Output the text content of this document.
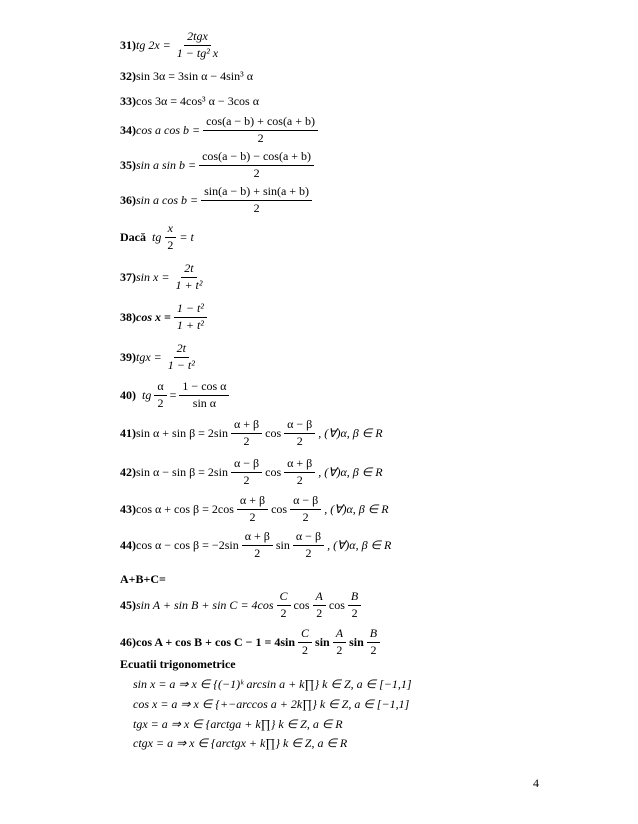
31) tg $2x = \frac{\text{2tgx}}{\text{1 − tg² x}}$
32) sin 3α = 3sin α − 4sin³ α
33) cos 3α = 4cos³ α − 3cos α
34) cos a $\cos b = \frac{\cos(a - b) + \cos(a + b)}{2}$
35) sin a $\sin b = \frac{\cos(a - b) - \cos(a + b)}{2}$
36) sin a $\cos b = \frac{\sin(a - b) + \sin(a + b)}{2}$
Dacă tg $\frac{x}{2} = t$
37) $\sin x = \frac{2t}{\text{1 + t²}}$
38) $\cos x = \frac{\text{1 − t²}}{\text{1 + t²}}$
39) tgx = $\frac{2t}{\text{1 − t²}}$
40) tg $\frac{\alpha}{2} = \frac{\text{1 − cos α}}{\text{sin α}}$
41) $\sin \alpha + \sin \beta = 2\sin \frac{\alpha + \beta}{2}$ $\cos \frac{\alpha - \beta}{2}$ , (∀)α, β ∈ R
42) $\sin \alpha - \sin \beta = 2\sin \frac{\alpha - \beta}{2}$ $\cos \frac{\alpha + \beta}{2}$ , (∀)α, β ∈ R
43) $\cos \alpha + \cos \beta = 2\cos \frac{\alpha + \beta}{2}$ $\cos \frac{\alpha - \beta}{2}$ , (∀)α, β ∈ R
44) $\cos \alpha - \cos \beta = -2\sin \frac{\alpha + \beta}{2}$ $\sin \frac{\alpha - \beta}{2}$ , (∀)α, β ∈ R
A+B+C=
45) $\sin A + \sin B + \sin C = 4\cos \frac{C}{2}$ $\cos \frac{A}{2}$ $\cos \frac{B}{2}$
46) $\cos A + \cos B + \cos C - 1 = 4\sin \frac{C}{2}$ $\sin \frac{A}{2}$ $\sin \frac{B}{2}$
Ecuatii trigonometrice
sin x = a ⇒ x ∈ {(−1)ᵏ arcsin a + k∏} k ∈ Z, a ∈ [−1,1]
cos x = a ⇒ x ∈ {+−arccos a + 2k∏} k ∈ Z, a ∈ [−1,1]
tgx = a ⇒ x ∈ {arctga + k∏} k ∈ Z, a ∈ R
ctgx = a ⇒ x ∈ {arctgx + k∏} k ∈ Z, a ∈ R
4
